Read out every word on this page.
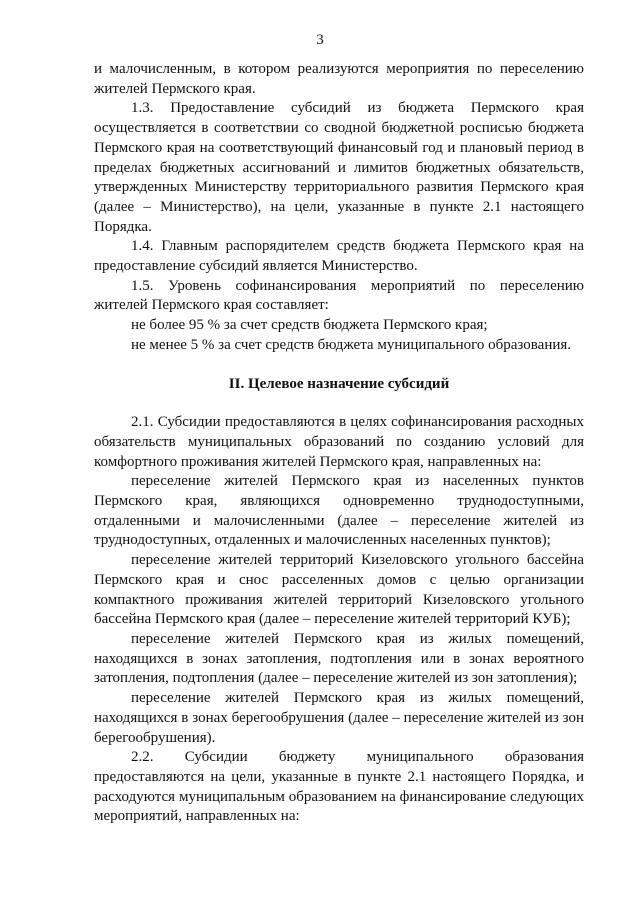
3

и малочисленным, в котором реализуются мероприятия по переселению жителей Пермского края.

1.3. Предоставление субсидий из бюджета Пермского края осуществляется в соответствии со сводной бюджетной росписью бюджета Пермского края на соответствующий финансовый год и плановый период в пределах бюджетных ассигнований и лимитов бюджетных обязательств, утвержденных Министерству территориального развития Пермского края (далее – Министерство), на цели, указанные в пункте 2.1 настоящего Порядка.

1.4. Главным распорядителем средств бюджета Пермского края на предоставление субсидий является Министерство.

1.5. Уровень софинансирования мероприятий по переселению жителей Пермского края составляет:

не более 95 % за счет средств бюджета Пермского края;

не менее 5 % за счет средств бюджета муниципального образования.

II. Целевое назначение субсидий

2.1. Субсидии предоставляются в целях софинансирования расходных обязательств муниципальных образований по созданию условий для комфортного проживания жителей Пермского края, направленных на:

переселение жителей Пермского края из населенных пунктов Пермского края, являющихся одновременно труднодоступными, отдаленными и малочисленными (далее – переселение жителей из труднодоступных, отдаленных и малочисленных населенных пунктов);

переселение жителей территорий Кизеловского угольного бассейна Пермского края и снос расселенных домов с целью организации компактного проживания жителей территорий Кизеловского угольного бассейна Пермского края (далее – переселение жителей территорий КУБ);

переселение жителей Пермского края из жилых помещений, находящихся в зонах затопления, подтопления или в зонах вероятного затопления, подтопления (далее – переселение жителей из зон затопления);

переселение жителей Пермского края из жилых помещений, находящихся в зонах берегообрушения (далее – переселение жителей из зон берегообрушения).

2.2. Субсидии бюджету муниципального образования предоставляются на цели, указанные в пункте 2.1 настоящего Порядка, и расходуются муниципальным образованием на финансирование следующих мероприятий, направленных на:
